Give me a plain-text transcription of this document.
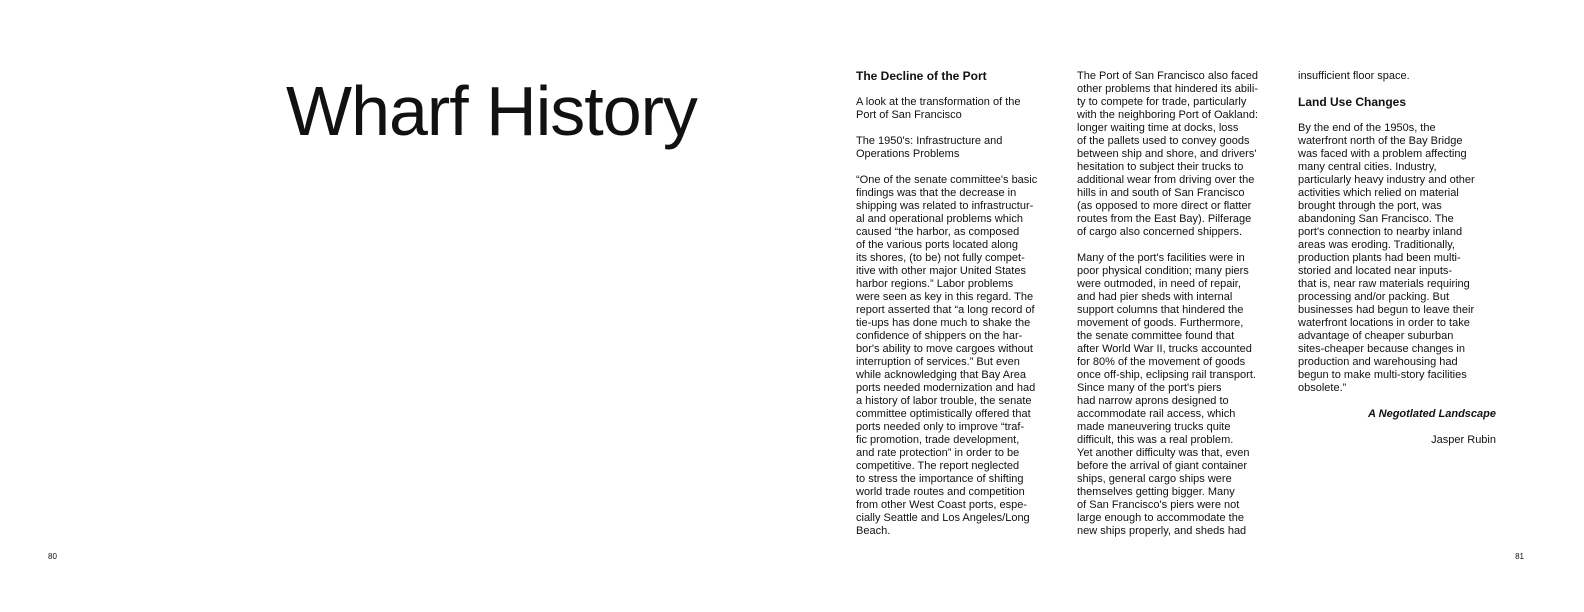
Wharf History
80

The Decline of the Port

A look at the transformation of the
Port of San Francisco

The 1950's: Infrastructure and
Operations Problems

“One of the senate committee's basic
findings was that the decrease in
shipping was related to infrastructur-
al and operational problems which
caused “the harbor, as composed
of the various ports located along
its shores, (to be) not fully compet-
itive with other major United States
harbor regions.” Labor problems
were seen as key in this regard. The
report asserted that “a long record of
tie-ups has done much to shake the
confidence of shippers on the har-
bor's ability to move cargoes without
interruption of services.” But even
while acknowledging that Bay Area
ports needed modernization and had
a history of labor trouble, the senate
committee optimistically offered that
ports needed only to improve “traf-
fic promotion, trade development,
and rate protection” in order to be
competitive. The report neglected
to stress the importance of shifting
world trade routes and competition
from other West Coast ports, espe-
cially Seattle and Los Angeles/Long
Beach.

The Port of San Francisco also faced
other problems that hindered its abili-
ty to compete for trade, particularly
with the neighboring Port of Oakland:
longer waiting time at docks, loss
of the pallets used to convey goods
between ship and shore, and drivers'
hesitation to subject their trucks to
additional wear from driving over the
hills in and south of San Francisco
(as opposed to more direct or flatter
routes from the East Bay). Pilferage
of cargo also concerned shippers.

Many of the port's facilities were in
poor physical condition; many piers
were outmoded, in need of repair,
and had pier sheds with internal
support columns that hindered the
movement of goods. Furthermore,
the senate committee found that
after World War II, trucks accounted
for 80% of the movement of goods
once off-ship, eclipsing rail transport.
Since many of the port's piers
had narrow aprons designed to
accommodate rail access, which
made maneuvering trucks quite
difficult, this was a real problem.
Yet another difficulty was that, even
before the arrival of giant container
ships, general cargo ships were
themselves getting bigger. Many
of San Francisco's piers were not
large enough to accommodate the
new ships properly, and sheds had

insufficient floor space.

Land Use Changes

By the end of the 1950s, the
waterfront north of the Bay Bridge
was faced with a problem affecting
many central cities. Industry,
particularly heavy industry and other
activities which relied on material
brought through the port, was
abandoning San Francisco. The
port's connection to nearby inland
areas was eroding. Traditionally,
production plants had been multi-
storied and located near inputs-
that is, near raw materials requiring
processing and/or packing. But
businesses had begun to leave their
waterfront locations in order to take
advantage of cheaper suburban
sites-cheaper because changes in
production and warehousing had
begun to make multi-story facilities
obsolete.”

A Negotlated Landscape

Jasper Rubin

81
